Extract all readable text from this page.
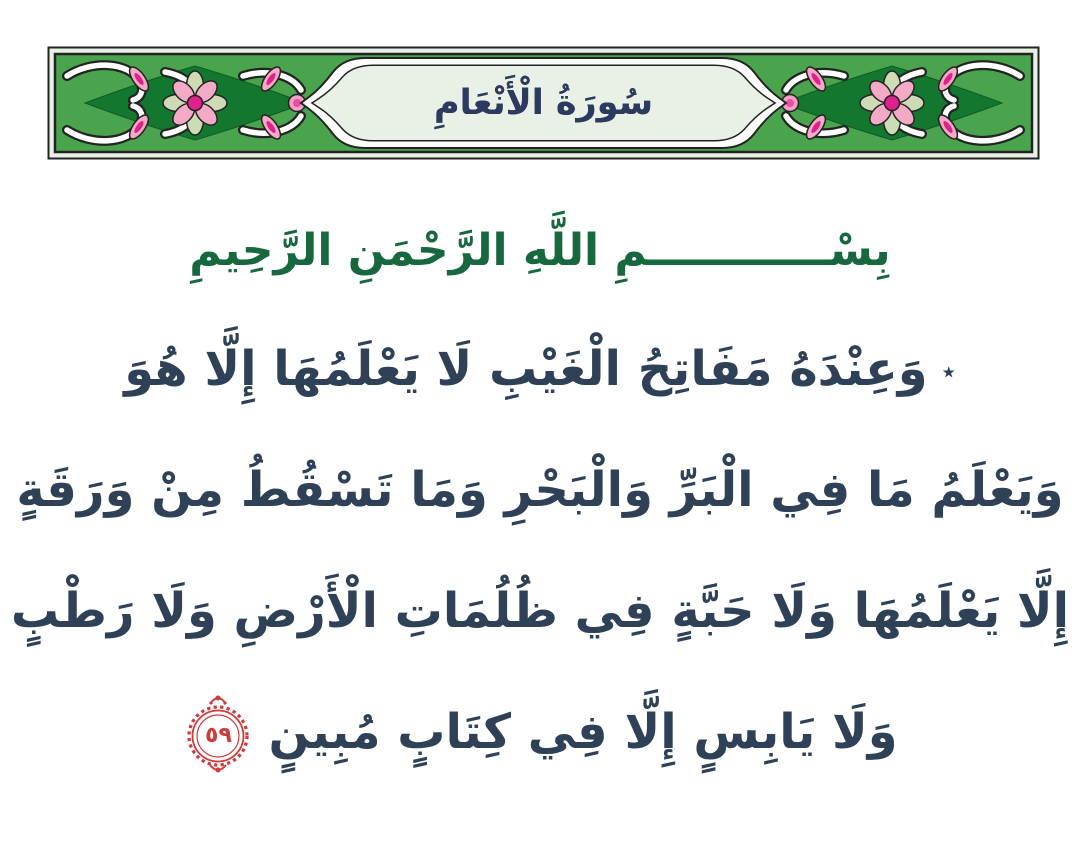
سُورَةُ الْأَنْعَامِ
بِسْــــــــــــمِ اللَّهِ الرَّحْمَنِ الرَّحِيمِ
٭
وَعِنْدَهُ مَفَاتِحُ الْغَيْبِ لَا يَعْلَمُهَا إِلَّا هُوَ
وَيَعْلَمُ مَا فِي الْبَرِّ وَالْبَحْرِ وَمَا تَسْقُطُ مِنْ وَرَقَةٍ
إِلَّا يَعْلَمُهَا وَلَا حَبَّةٍ فِي ظُلُمَاتِ الْأَرْضِ وَلَا رَطْبٍ
وَلَا يَابِسٍ إِلَّا فِي كِتَابٍ مُبِينٍ
٥٩
